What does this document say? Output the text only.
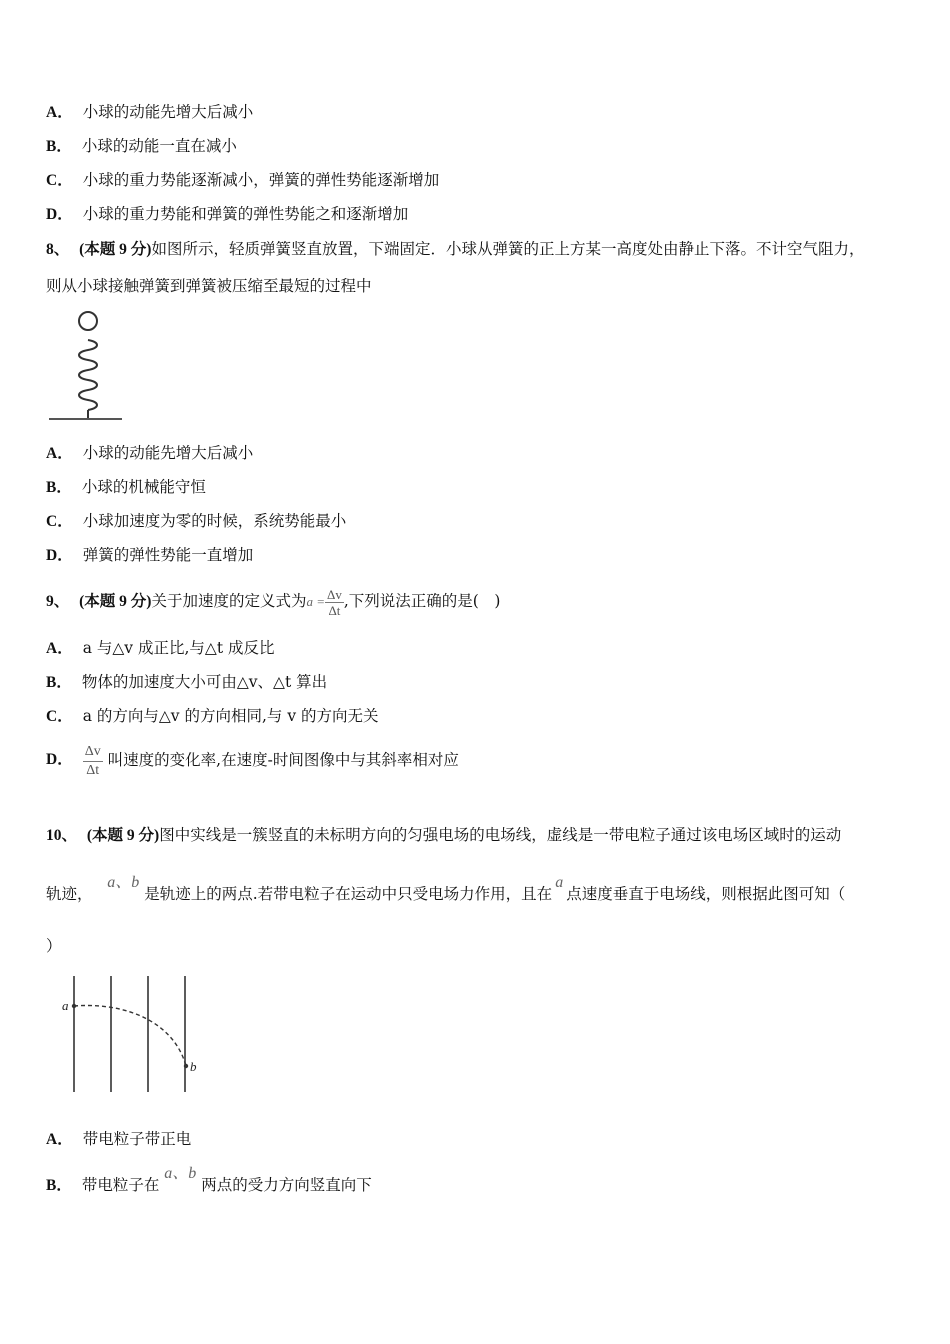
A． 小球的动能先增大后减小
B． 小球的动能一直在减小
C． 小球的重力势能逐渐减小，弹簧的弹性势能逐渐增加
D． 小球的重力势能和弹簧的弹性势能之和逐渐增加
8、 (本题 9 分)如图所示，轻质弹簧竖直放置，下端固定．小球从弹簧的正上方某一高度处由静止下落。不计空气阻力，
则从小球接触弹簧到弹簧被压缩至最短的过程中
A． 小球的动能先增大后减小
B． 小球的机械能守恒
C． 小球加速度为零的时候，系统势能最小
D． 弹簧的弹性势能一直增加
9、 (本题 9 分)关于加速度的定义式为$a = \frac{\Delta v}{\Delta t}$ ,下列说法正确的是(　)
A． a 与△v 成正比,与△t 成反比
B． 物体的加速度大小可由△v、△t 算出
C． a 的方向与△v 的方向相同,与 v 的方向无关
D． $\frac{\Delta v}{\Delta t}$ 叫速度的变化率,在速度-时间图像中与其斜率相对应
10、 (本题 9 分)图中实线是一簇竖直的未标明方向的匀强电场的电场线，虚线是一带电粒子通过该电场区域时的运动
轨迹，   a、b 是轨迹上的两点.若带电粒子在运动中只受电场力作用，且在a点速度垂直于电场线，则根据此图可知（
）
a
b
A． 带电粒子带正电
B． 带电粒子在 a、b 两点的受力方向竖直向下
